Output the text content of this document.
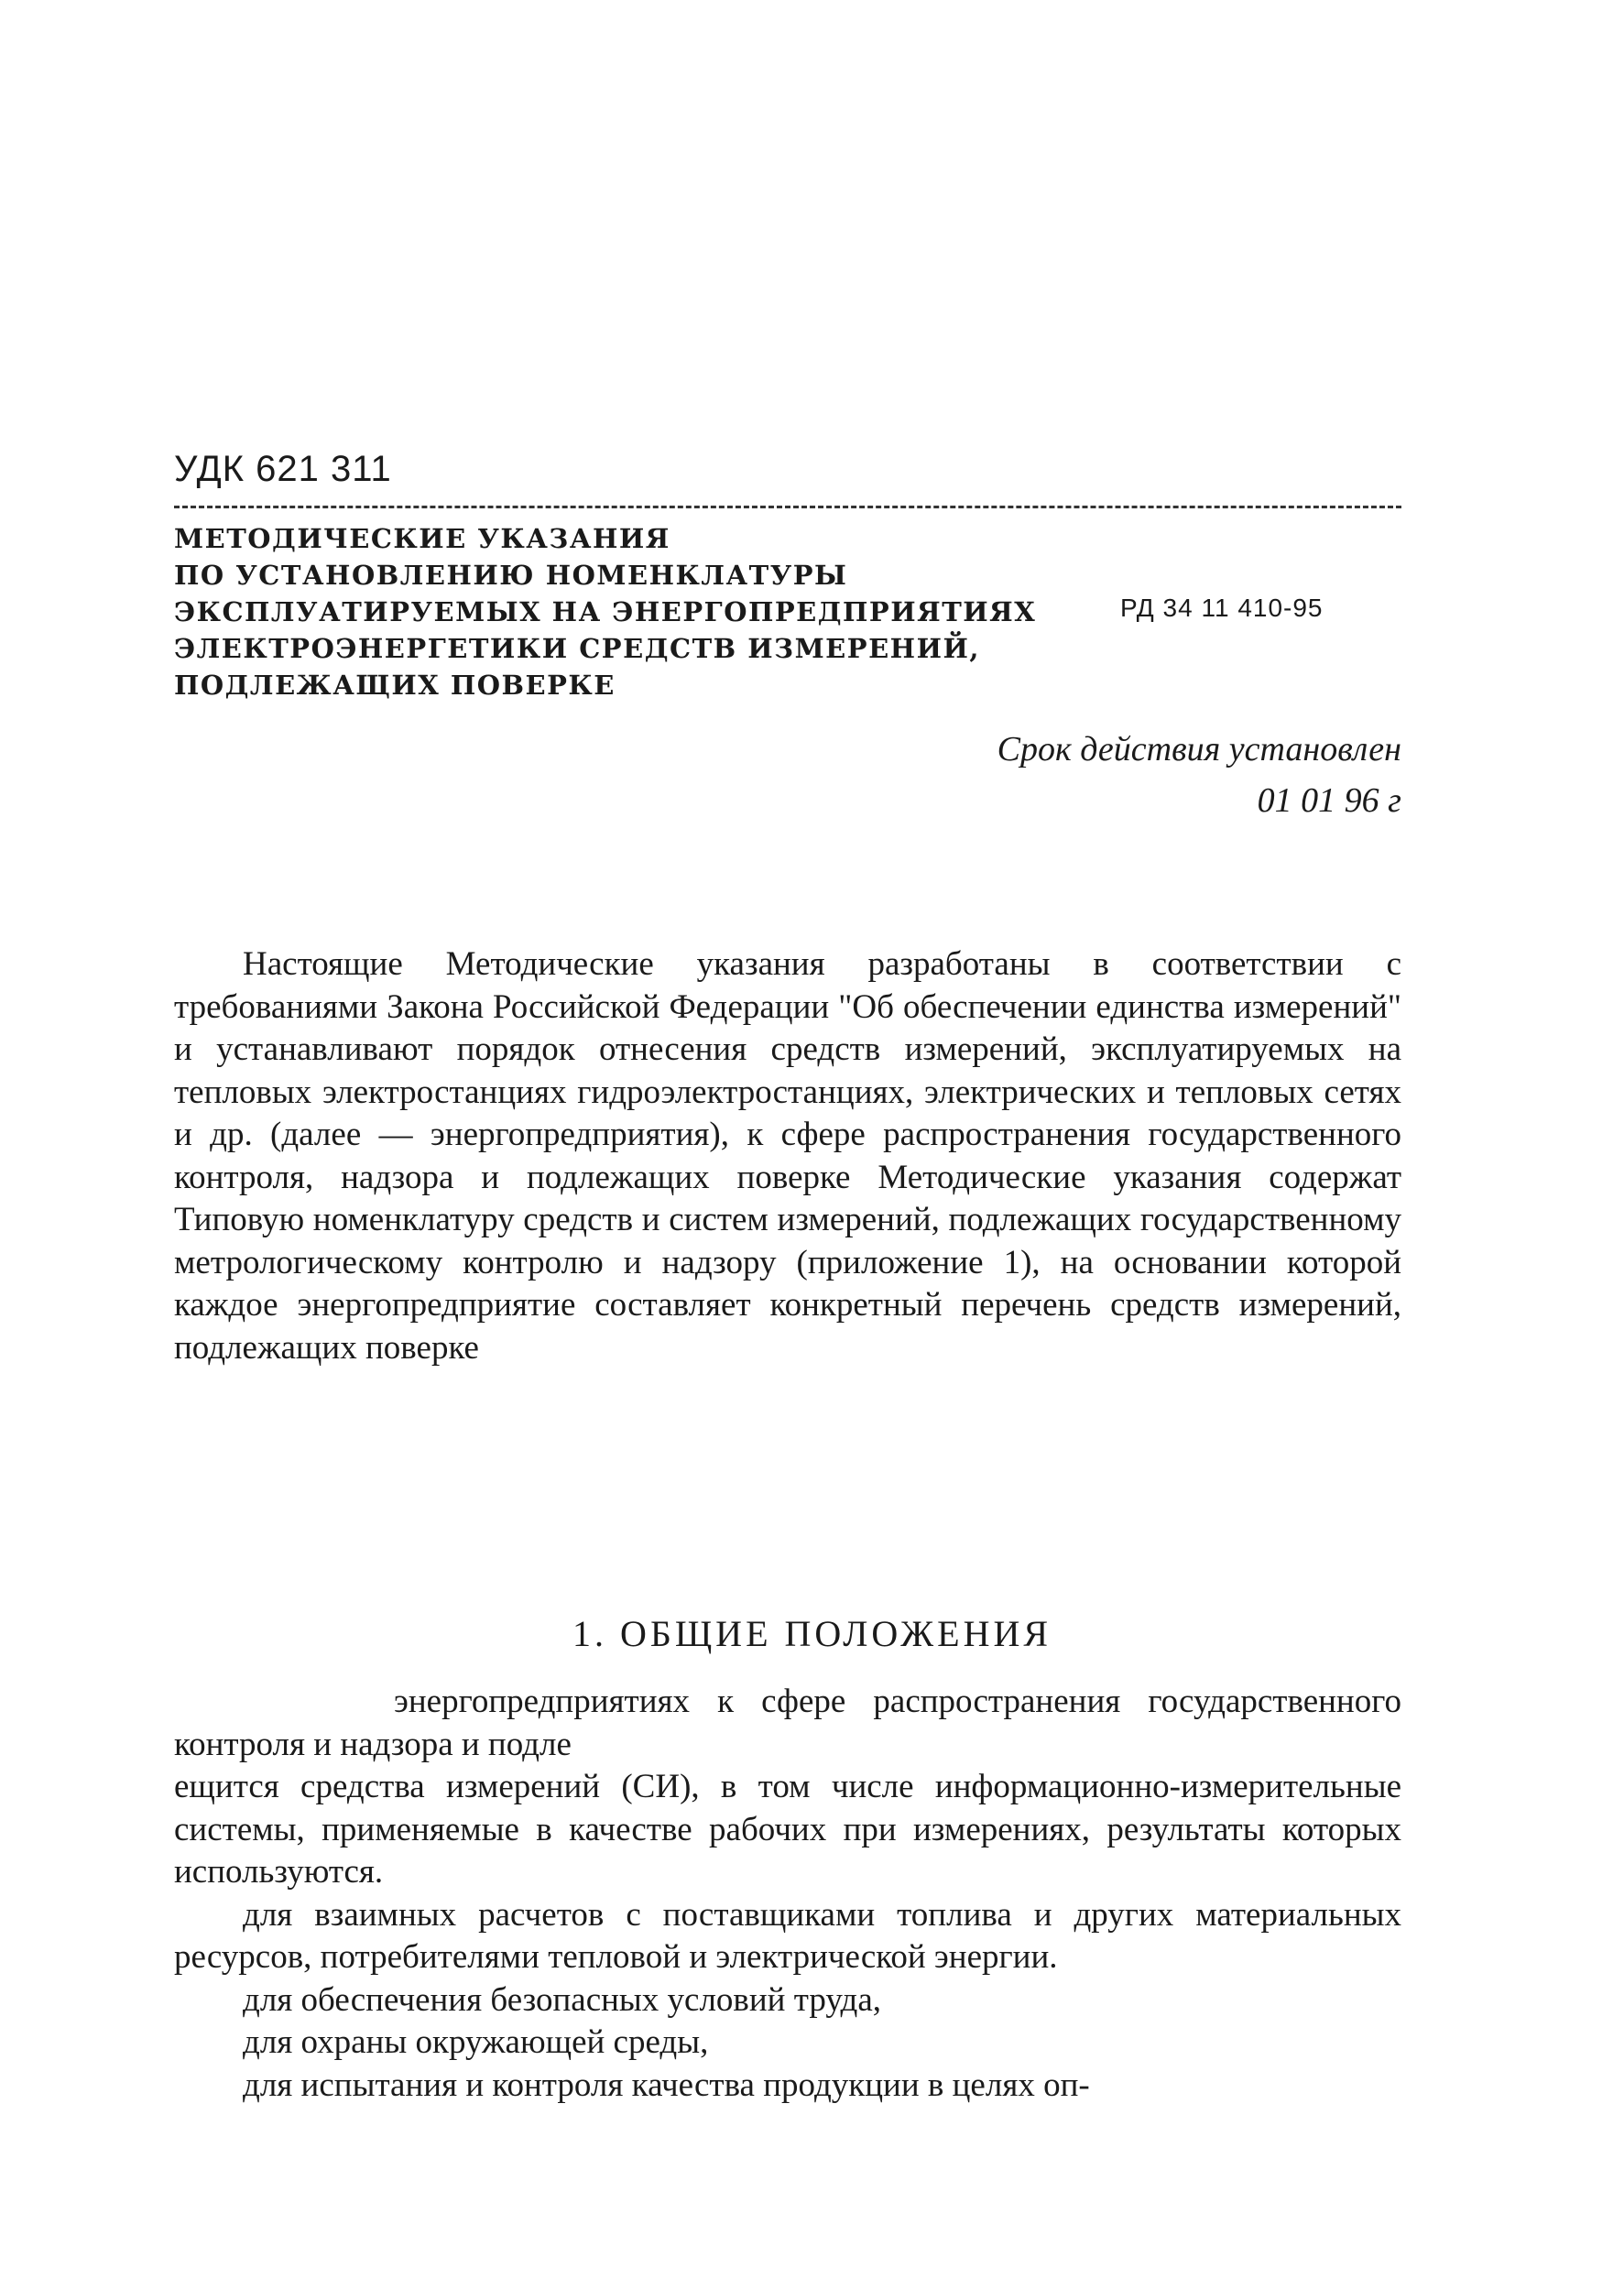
УДК 621 311
МЕТОДИЧЕСКИЕ УКАЗАНИЯ
ПО УСТАНОВЛЕНИЮ НОМЕНКЛАТУРЫ
ЭКСПЛУАТИРУЕМЫХ НА ЭНЕРГОПРЕДПРИЯТИЯХ
ЭЛЕКТРОЭНЕРГЕТИКИ СРЕДСТВ ИЗМЕРЕНИЙ,
ПОДЛЕЖАЩИХ ПОВЕРКЕ
РД 34 11 410-95
Срок действия установлен
01 01 96 г
Настоящие Методические указания разработаны в соответствии с требованиями Закона Российской Федерации "Об обеспечении единства измерений" и устанавливают порядок отнесения средств измерений, эксплуатируемых на тепловых электростанциях гидроэлектростанциях, электрических и тепловых сетях и др. (далее — энергопредприятия), к сфере распространения государственного контроля, надзора и подлежащих поверке Методические указания содержат Типовую номенклатуру средств и систем измерений, подлежащих государственному метрологическому контролю и надзору (приложение 1), на основании которой каждое энергопредприятие составляет конкретный перечень средств измерений, подлежащих поверке
1. ОБЩИЕ ПОЛОЖЕНИЯ
энергопредприятиях к сфере распространения государственного контроля и надзора и подле
ещится средства измерений (СИ), в том числе информационно-измерительные системы, применяемые в качестве рабочих при измерениях, результаты которых используются.
для взаимных расчетов с поставщиками топлива и других материальных ресурсов, потребителями тепловой и электрической энергии.
для обеспечения безопасных условий труда,
для охраны окружающей среды,
для испытания и контроля качества продукции в целях оп-
